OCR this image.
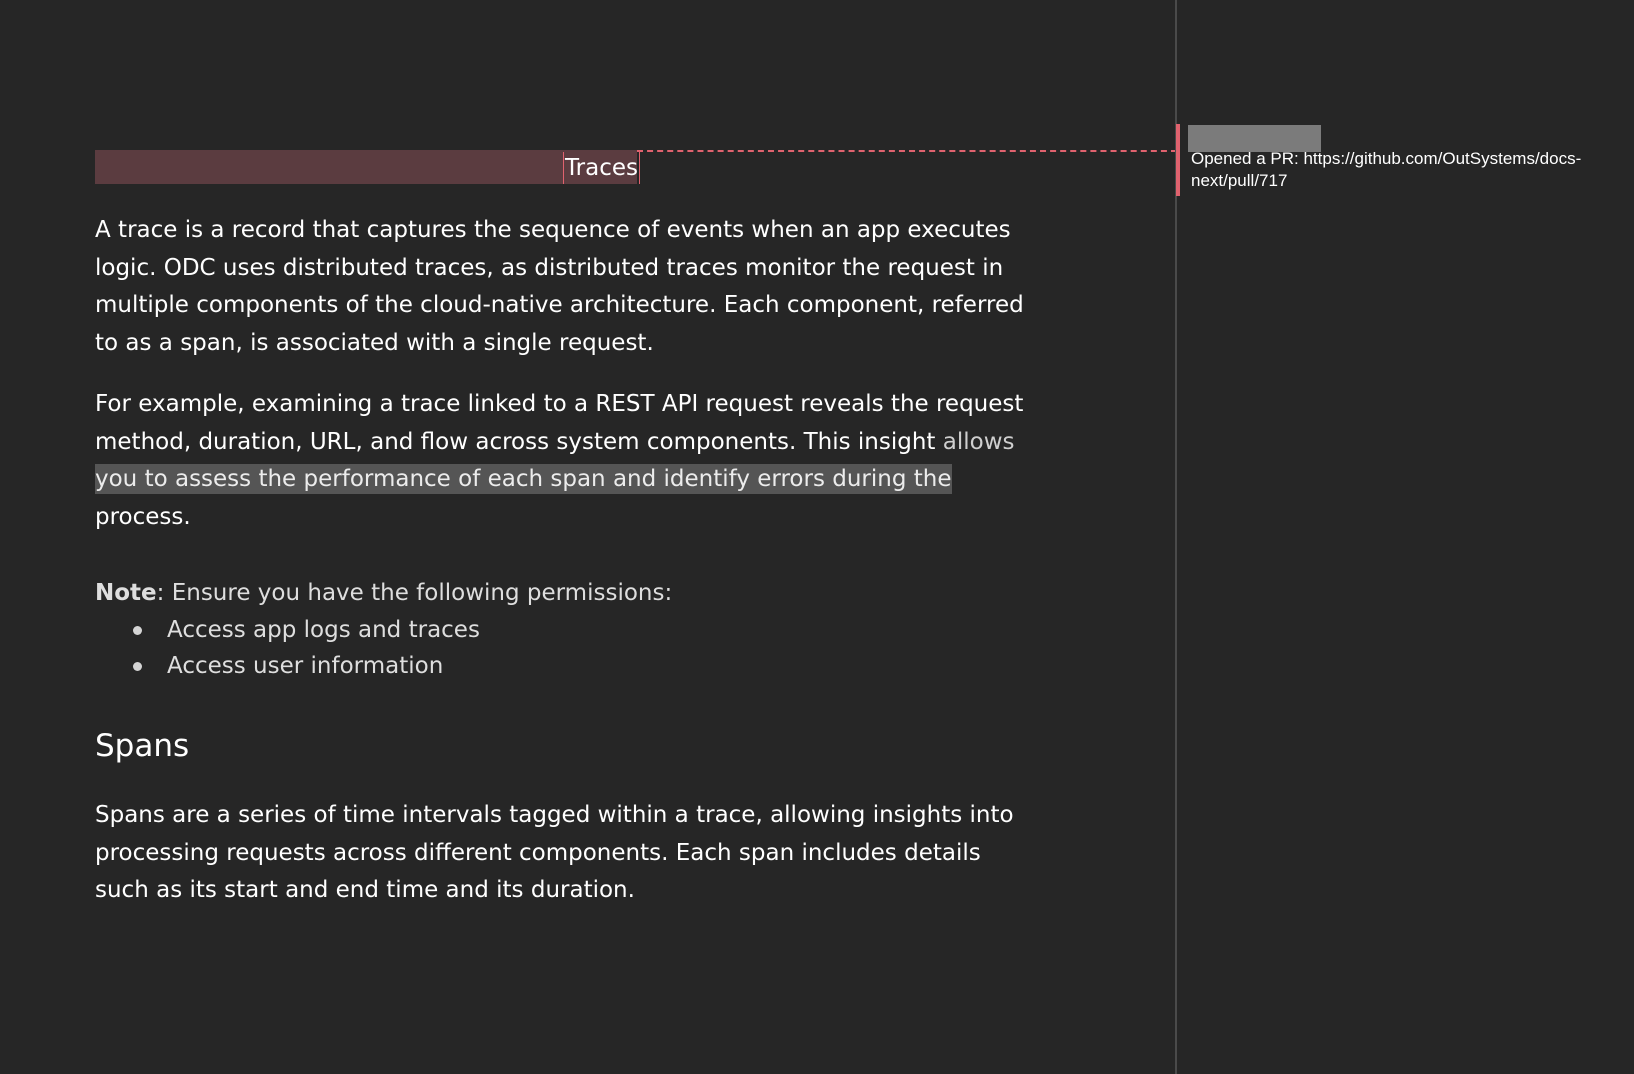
Traces

A trace is a record that captures the sequence of events when an app executes logic. ODC uses distributed traces, as distributed traces monitor the request in multiple components of the cloud-native architecture. Each component, referred to as a span, is associated with a single request.

For example, examining a trace linked to a REST API request reveals the request method, duration, URL, and flow across system components. This insight allows
you to assess the performance of each span and identify errors during the
process.

Note: Ensure you have the following permissions:

Access app logs and traces
Access user information
Spans

Spans are a series of time intervals tagged within a trace, allowing insights into processing requests across different components. Each span includes details such as its start and end time and its duration.

Opened a PR: https://github.com/OutSystems/docs-next/pull/717
